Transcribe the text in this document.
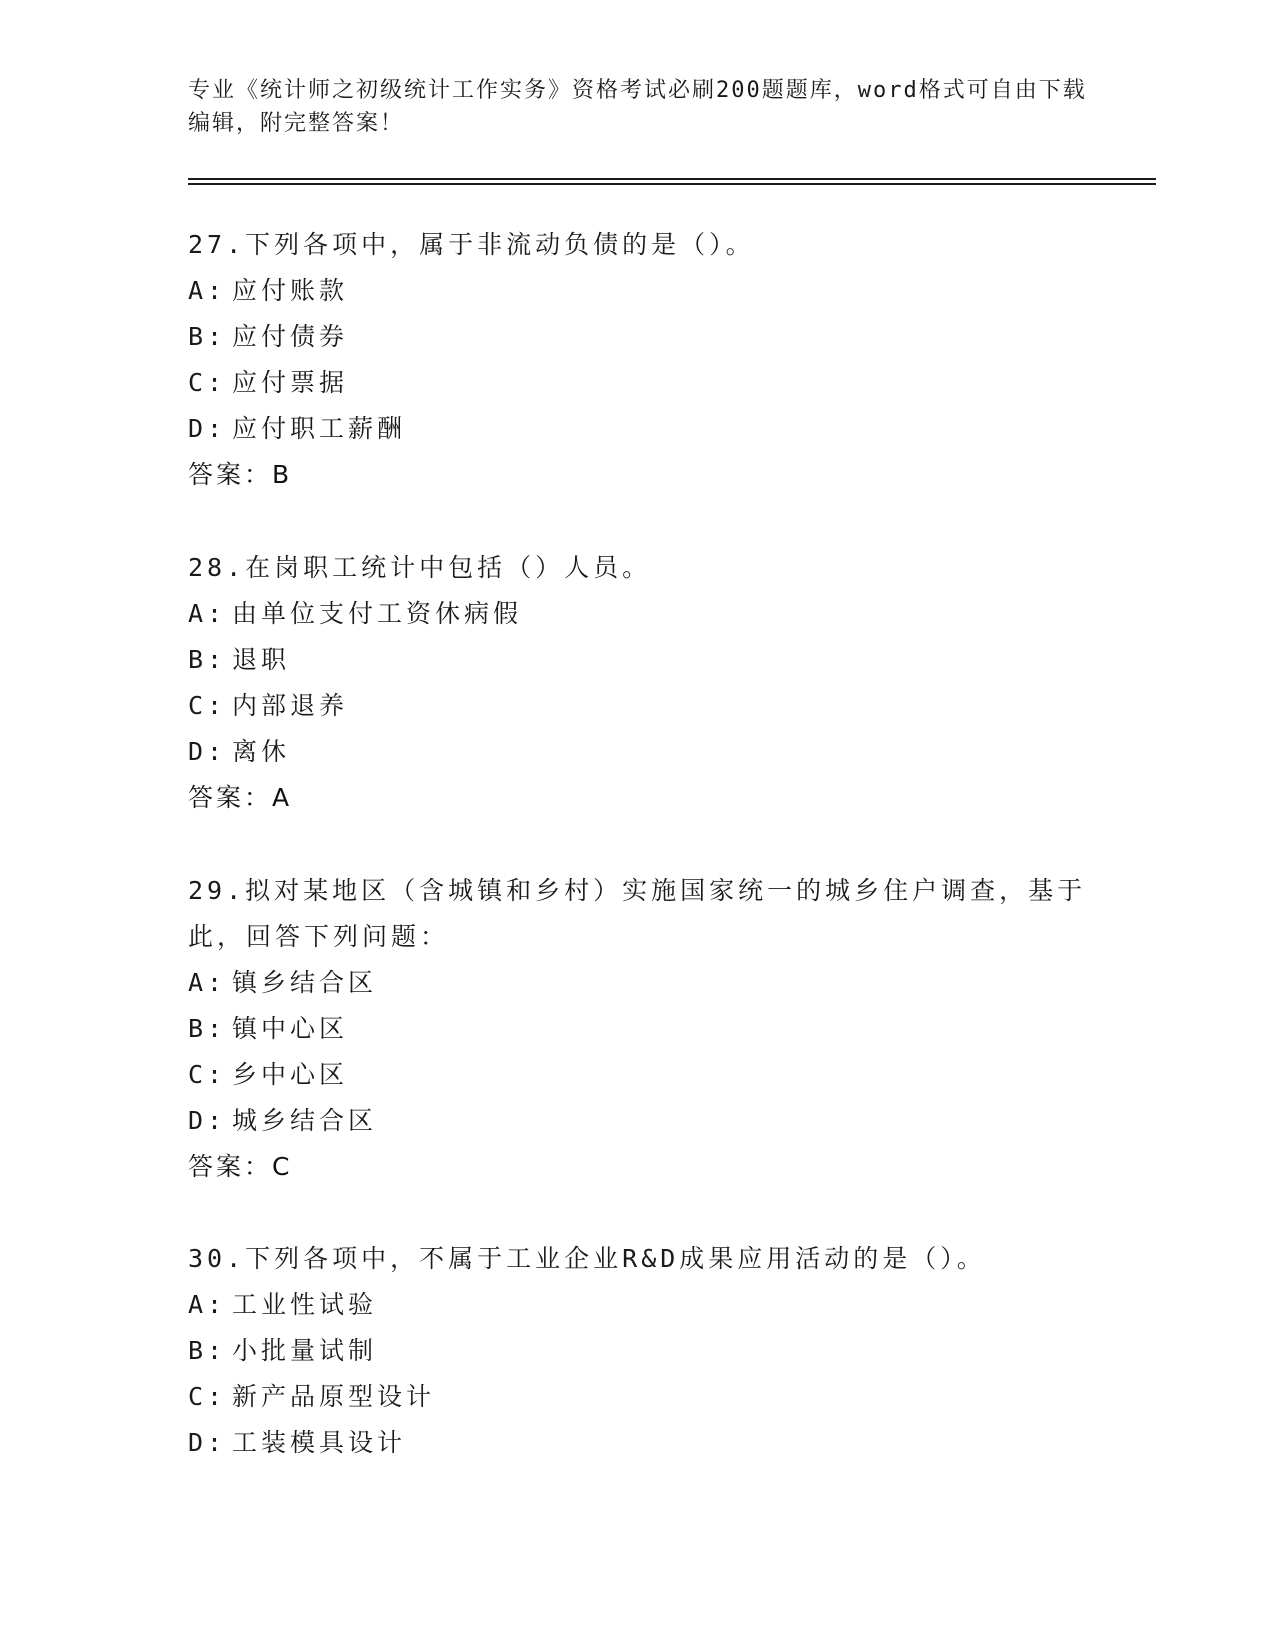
专业《统计师之初级统计工作实务》资格考试必刷200题题库，word格式可自由下载编辑，附完整答案！
27.下列各项中，属于非流动负债的是（）。
A: 应付账款
B: 应付债券
C: 应付票据
D: 应付职工薪酬
答案：B
28.在岗职工统计中包括（）人员。
A: 由单位支付工资休病假
B: 退职
C: 内部退养
D: 离休
答案：A
29.拟对某地区（含城镇和乡村）实施国家统一的城乡住户调查，基于此，回答下列问题：
A: 镇乡结合区
B: 镇中心区
C: 乡中心区
D: 城乡结合区
答案：C
30.下列各项中，不属于工业企业R&D成果应用活动的是（）。
A: 工业性试验
B: 小批量试制
C: 新产品原型设计
D: 工装模具设计
